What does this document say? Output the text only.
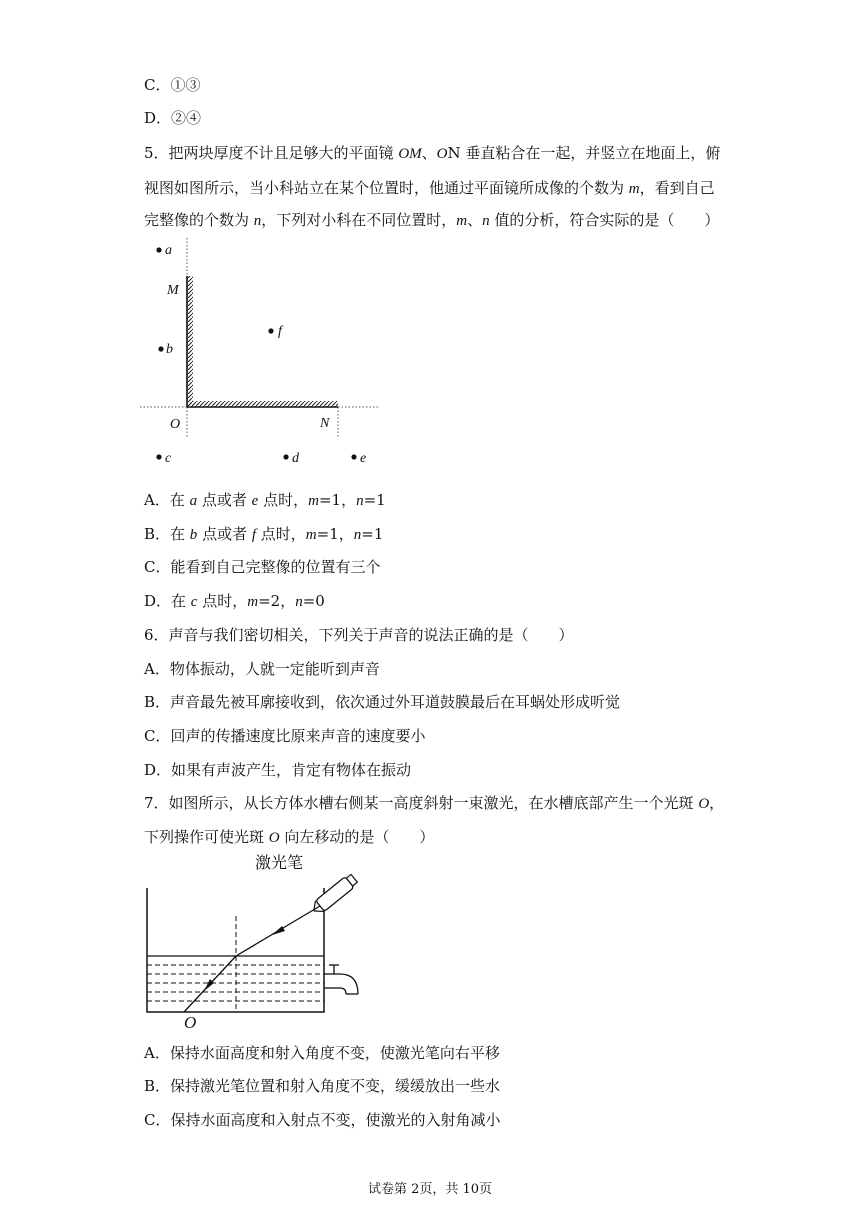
C．①③
D．②④
5．把两块厚度不计且足够大的平面镜 OM、ON 垂直粘合在一起，并竖立在地面上，俯
视图如图所示，当小科站立在某个位置时，他通过平面镜所成像的个数为 m，看到自己
完整像的个数为 n，下列对小科在不同位置时，m、n 值的分析，符合实际的是（　　）
a
M
b
f
O	N
c	d	e
A．在 a 点或者 e 点时，m=1，n=1
B．在 b 点或者 f 点时，m=1，n=1
C．能看到自己完整像的位置有三个
D．在 c 点时，m=2，n=0
6．声音与我们密切相关，下列关于声音的说法正确的是（　　）
A．物体振动，人就一定能听到声音
B．声音最先被耳廓接收到，依次通过外耳道鼓膜最后在耳蜗处形成听觉
C．回声的传播速度比原来声音的速度要小
D．如果有声波产生，肯定有物体在振动
7．如图所示，从长方体水槽右侧某一高度斜射一束激光，在水槽底部产生一个光斑 O，
下列操作可使光斑 O 向左移动的是（　　）
激光笔
O
A．保持水面高度和射入角度不变，使激光笔向右平移
B．保持激光笔位置和射入角度不变，缓缓放出一些水
C．保持水面高度和入射点不变，使激光的入射角减小
试卷第 2页，共 10页
